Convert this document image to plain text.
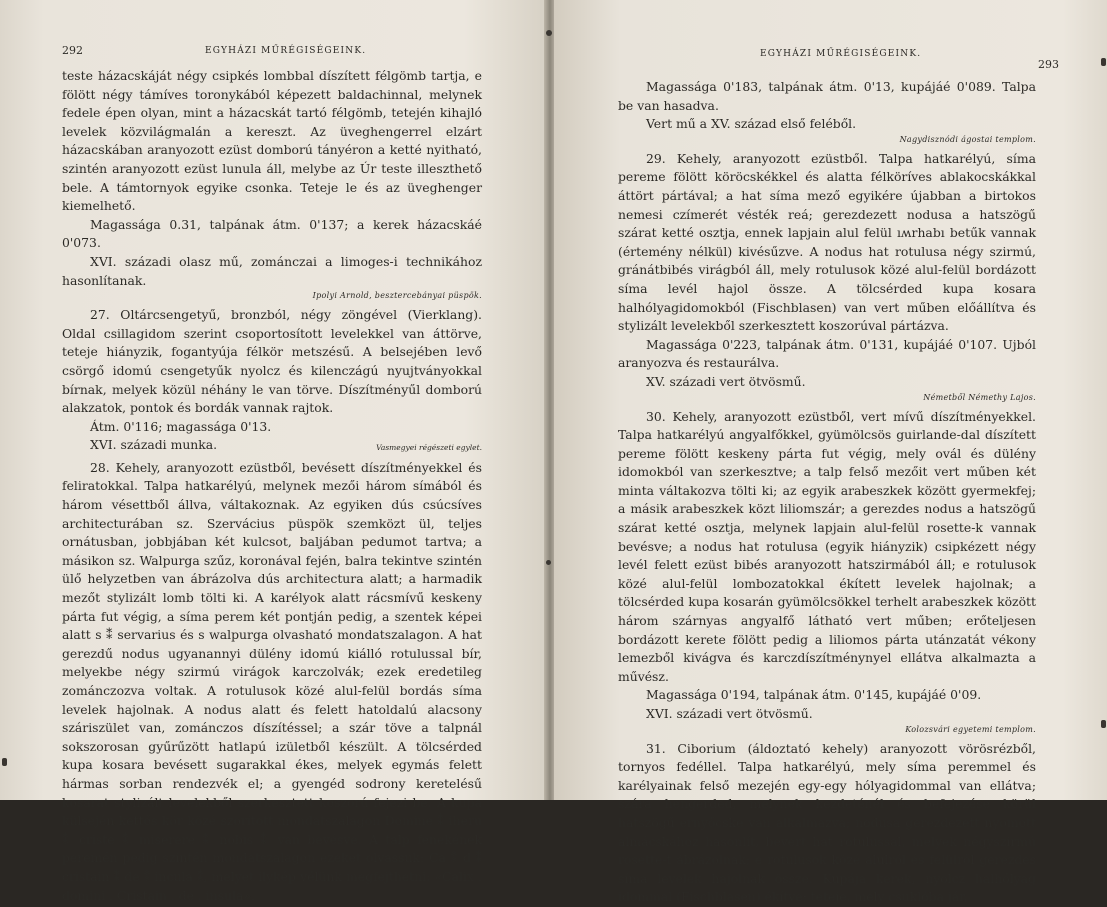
292	EGYHÁZI MŰRÉGISÉGEINK.

teste házacskáját négy csipkés lombbal díszített félgömb tartja, e fölött négy támíves toronykából képezett baldachinnal, melynek fedele épen olyan, mint a házacskát tartó félgömb, tetején kihajló levelek közvilágmalán a kereszt. Az üveghengerrel elzárt házacskában aranyozott ezüst domború tányéron a ketté nyitható, szintén aranyozott ezüst lunula áll, melybe az Úr teste illeszthető bele. A támtornyok egyike csonka. Teteje le és az üveghenger kiemelhető.

Magassága 0.31, talpának átm. 0'137; a kerek házacskáé 0'073.

XVI. századi olasz mű, zománczai a limoges-i technikához hasonlítanak.

Ipolyi Arnold, besztercebányai püspök.

27. Oltárcsengetyű, bronzból, négy zöngével (Vierklang). Oldal csillagidom szerint csoportosított levelekkel van áttörve, teteje hiányzik, fogantyúja félkör metszésű. A belsejében levő csörgő idomú csengetyűk nyolcz és kilenczágú nyujtványokkal bírnak, melyek közül néhány le van törve. Díszítményűl domború alakzatok, pontok és bordák vannak rajtok.

Átm. 0'116; magassága 0'13.

XVI. századi munka.	Vasmegyei régészeti egylet.

28. Kehely, aranyozott ezüstből, bevésett díszítményekkel és feliratokkal. Talpa hatkarélyú, melynek mezői három símából és három vésettből állva, váltakoznak. Az egyiken dús csúcsíves architecturában sz. Szervácius püspök szemközt ül, teljes ornátusban, jobbjában két kulcsot, baljában pedumot tartva; a másikon sz. Walpurga szűz, koronával fején, balra tekintve szintén ülő helyzetben van ábrázolva dús architectura alatt; a harmadik mezőt stylizált lomb tölti ki. A karélyok alatt rácsmívű keskeny párta fut végig, a síma perem két pontján pedig, a szentek képei alatt s ⁑ servarius és s walpurga olvasható mondatszalagon. A hat gerezdű nodus ugyanannyi dülény idomú kiálló rotulussal bír, melyekbe négy szirmú virágok karczolvák; ezek eredetileg zománczozva voltak. A rotulusok közé alul-felül bordás síma levelek hajolnak. A nodus alatt és felett hatoldalú alacsony száriszület van, zománczos díszítéssel; a szár töve a talpnál sokszorosan gyűrűzött hatlapú izületből készült. A tölcsérded kupa kosara bevésett sugarakkal ékes, melyek egymás felett hármas sorban rendezvék el; a gyengéd sodrony keretelésű kosarat stylizált levelekből szerkesztett koszorú fejezi be. A kupa külsején kettős kör közé szorított mondatszalagon Domine ⁑ iheru ⁑ criste ⁑ miserere ⁑ nobis ⁑ van bevésve. A talp fenekének peremén pedig szintén mondatszalagon ezeket olvassuk: Ca ⁑ d ⁑ cristain ⁑ de ⁑ incula ⁑, melyet ilykép vélünk megfejthetni: «Calix . domini . Cristain . de . insula».

EGYHÁZI MŰRÉGISÉGEINK.
293

Magassága 0'183, talpának átm. 0'13, kupájáé 0'089. Talpa be van hasadva.

Vert mű a XV. század első feléből.

Nagydisznódi ágostai templom.

29. Kehely, aranyozott ezüstből. Talpa hatkarélyú, síma pereme fölött köröcskékkel és alatta félköríves ablakocskákkal áttört pártával; a hat síma mező egyikére újabban a birtokos nemesi czímerét vésték reá; gerezdezett nodusa a hatszögű szárat ketté osztja, ennek lapjain alul felül ıʍrhabı betűk vannak (értemény nélkül) kivésűzve. A nodus hat rotulusa négy szirmú, gránátbibés virágból áll, mely rotulusok közé alul-felül bordázott síma levél hajol össze. A tölcsérded kupa kosara halhólyagidomokból (Fischblasen) van vert műben előállítva és stylizált levelekből szerkesztett koszorúval pártázva.

Magassága 0'223, talpának átm. 0'131, kupájáé 0'107. Ujból aranyozva és restaurálva.

XV. századi vert ötvösmű.

Németből Némethy Lajos.

30. Kehely, aranyozott ezüstből, vert mívű díszítményekkel. Talpa hatkarélyú angyalfőkkel, gyümölcsös guirlande-dal díszített pereme fölött keskeny párta fut végig, mely ovál és dülény idomokból van szerkesztve; a talp felső mezőit vert műben két minta váltakozva tölti ki; az egyik arabeszkek között gyermekfej; a másik arabeszkek közt liliomszár; a gerezdes nodus a hatszögű szárat ketté osztja, melynek lapjain alul-felül rosette-k vannak bevésve; a nodus hat rotulusa (egyik hiányzik) csipkézett négy levél felett ezüst bibés aranyozott hatszirmából áll; e rotulusok közé alul-felül lombozatokkal ékített levelek hajolnak; a tölcsérded kupa kosarán gyümölcsökkel terhelt arabeszkek között három szárnyas angyalfő látható vert műben; erőteljesen bordázott kerete fölött pedig a liliomos párta utánzatát vékony lemezből kivágva és karczdíszítménynyel ellátva alkalmazta a művész.

Magassága 0'194, talpának átm. 0'145, kupájáé 0'09.

XVI. századi vert ötvösmű.

Kolozsvári egyetemi templom.

31. Ciborium (áldoztató kehely) aranyozott vörösrézből, tornyos fedéllel. Talpa hatkarélyú, mely síma peremmel és karélyainak felső mezején egy-egy hólyagidommal van ellátva; szára hengerded, melynek kezdeténél és befejezése körül hatszögű ernyőcske van alkalmazva; nodusa gerezdezett nyomott almácskához hasonlít, bevert hat rotulussal, melyek négyszirmú rosette-t ábrázolnak; e rotulusok közé alulról és felülről gerezdes síma levelek hajolnak össze. Kupája kerek, nyolcz halhólyag idommal (Fischblasen) ékítve; teteje, mely csuklóba jár,
